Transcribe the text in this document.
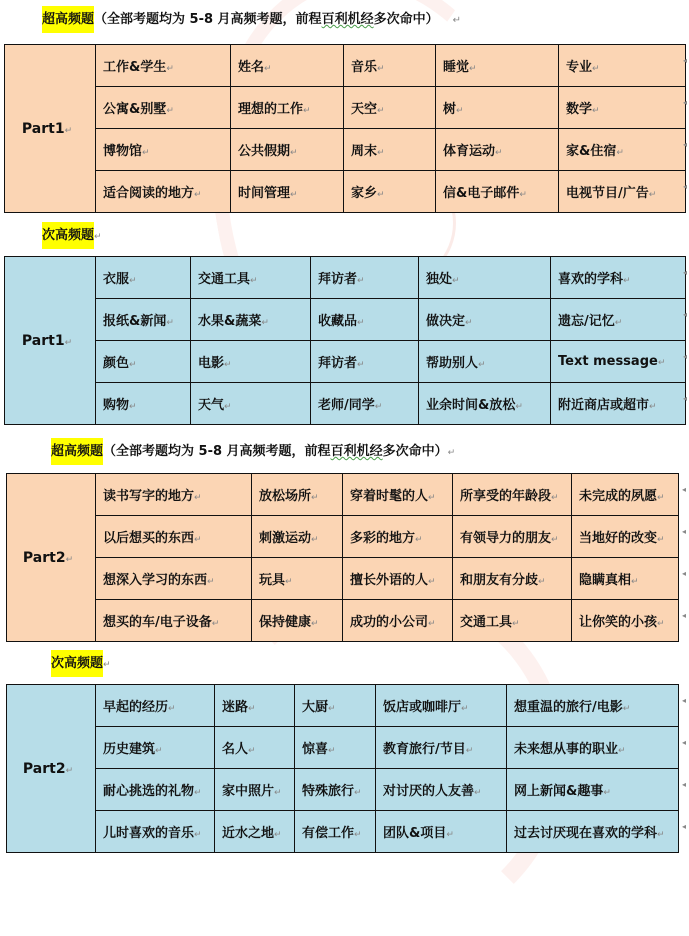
超高频题（全部考题均为 5-8 月高频考题，前程百利机经多次命中） ↵
Part1↵	工作&学生↵	姓名↵	音乐↵	睡觉↵	专业↵
	公寓&别墅↵	理想的工作↵	天空↵	树↵	数学↵
	博物馆↵	公共假期↵	周末↵	体育运动↵	家&住宿↵
	适合阅读的地方↵	时间管理↵	家乡↵	信&电子邮件↵	电视节目/广告↵
次高频题↵
Part1↵	衣服↵	交通工具↵	拜访者↵	独处↵	喜欢的学科↵
	报纸&新闻↵	水果&蔬菜↵	收藏品↵	做决定↵	遗忘/记忆↵
	颜色↵	电影↵	拜访者↵	帮助别人↵	Text message↵
	购物↵	天气↵	老师/同学↵	业余时间&放松↵	附近商店或超市↵
超高频题（全部考题均为 5-8 月高频考题，前程百利机经多次命中）↵
Part2↵	读书写字的地方↵	放松场所↵	穿着时髦的人↵	所享受的年龄段↵	未完成的夙愿↵
	以后想买的东西↵	刺激运动↵	多彩的地方↵	有领导力的朋友↵	当地好的改变↵
	想深入学习的东西↵	玩具↵	擅长外语的人↵	和朋友有分歧↵	隐瞒真相↵
	想买的车/电子设备↵	保持健康↵	成功的小公司↵	交通工具↵	让你笑的小孩↵
次高频题↵
Part2↵	早起的经历↵	迷路↵	大厨↵	饭店或咖啡厅↵	想重温的旅行/电影↵
	历史建筑↵	名人↵	惊喜↵	教育旅行/节目↵	未来想从事的职业↵
	耐心挑选的礼物↵	家中照片↵	特殊旅行↵	对讨厌的人友善↵	网上新闻&趣事↵
	儿时喜欢的音乐↵	近水之地↵	有偿工作↵	团队&项目↵	过去讨厌现在喜欢的学科↵
◂
◂
◂
◂
◂
◂
◂
◂
◂
◂
◂
◂
◂
◂
◂
◂
